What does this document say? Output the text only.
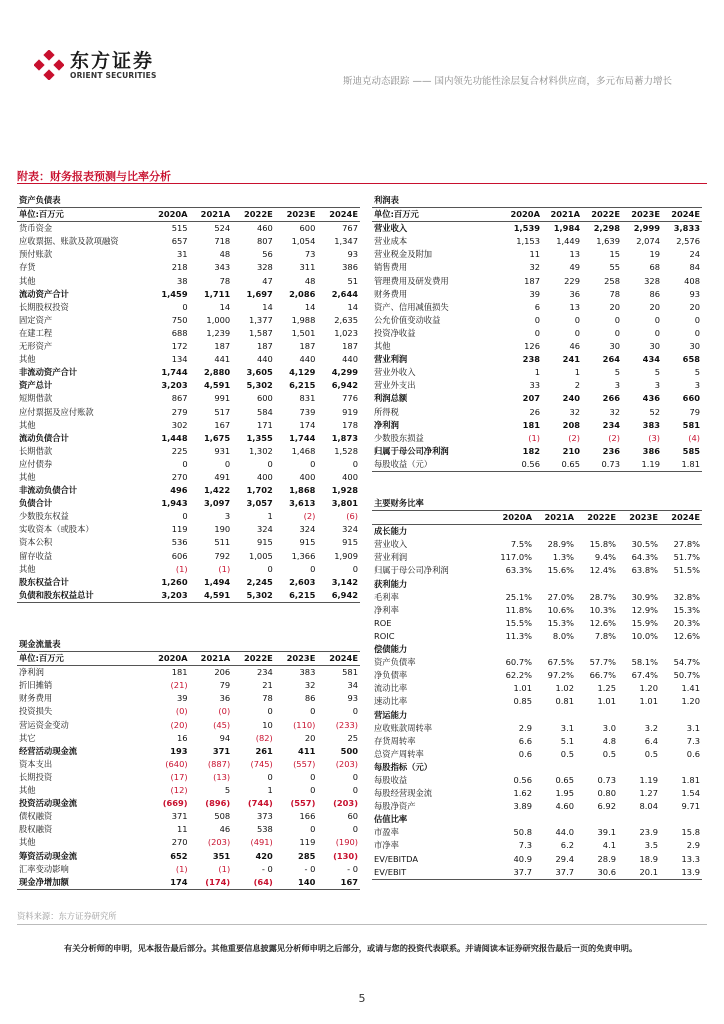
东方证券
ORIENT SECURITIES
斯迪克动态跟踪 —— 国内领先功能性涂层复合材料供应商，多元布局蓄力增长
附表：财务报表预测与比率分析
资产负债表					
单位:百万元	2020A	2021A	2022E	2023E	2024E
货币资金	515	524	460	600	767
应收票据、账款及款项融资	657	718	807	1,054	1,347
预付账款	31	48	56	73	93
存货	218	343	328	311	386
其他	38	78	47	48	51
流动资产合计	1,459	1,711	1,697	2,086	2,644
长期股权投资	0	14	14	14	14
固定资产	750	1,000	1,377	1,988	2,635
在建工程	688	1,239	1,587	1,501	1,023
无形资产	172	187	187	187	187
其他	134	441	440	440	440
非流动资产合计	1,744	2,880	3,605	4,129	4,299
资产总计	3,203	4,591	5,302	6,215	6,942
短期借款	867	991	600	831	776
应付票据及应付账款	279	517	584	739	919
其他	302	167	171	174	178
流动负债合计	1,448	1,675	1,355	1,744	1,873
长期借款	225	931	1,302	1,468	1,528
应付债券	0	0	0	0	0
其他	270	491	400	400	400
非流动负债合计	496	1,422	1,702	1,868	1,928
负债合计	1,943	3,097	3,057	3,613	3,801
少数股东权益	0	3	1	(2)	(6)
实收资本（或股本）	119	190	324	324	324
资本公积	536	511	915	915	915
留存收益	606	792	1,005	1,366	1,909
其他	(1)	(1)	0	0	0
股东权益合计	1,260	1,494	2,245	2,603	3,142
负债和股东权益总计	3,203	4,591	5,302	6,215	6,942
现金流量表					
单位:百万元	2020A	2021A	2022E	2023E	2024E
净利润	181	206	234	383	581
折旧摊销	(21)	79	21	32	34
财务费用	39	36	78	86	93
投资损失	(0)	(0)	0	0	0
营运资金变动	(20)	(45)	10	(110)	(233)
其它	16	94	(82)	20	25
经营活动现金流	193	371	261	411	500
资本支出	(640)	(887)	(745)	(557)	(203)
长期投资	(17)	(13)	0	0	0
其他	(12)	5	1	0	0
投资活动现金流	(669)	(896)	(744)	(557)	(203)
债权融资	371	508	373	166	60
股权融资	11	46	538	0	0
其他	270	(203)	(491)	119	(190)
筹资活动现金流	652	351	420	285	(130)
汇率变动影响	(1)	(1)	- 0	- 0	- 0
现金净增加额	174	(174)	(64)	140	167
利润表					
单位:百万元	2020A	2021A	2022E	2023E	2024E
营业收入	1,539	1,984	2,298	2,999	3,833
营业成本	1,153	1,449	1,639	2,074	2,576
营业税金及附加	11	13	15	19	24
销售费用	32	49	55	68	84
管理费用及研发费用	187	229	258	328	408
财务费用	39	36	78	86	93
资产、信用减值损失	6	13	20	20	20
公允价值变动收益	0	0	0	0	0
投资净收益	0	0	0	0	0
其他	126	46	30	30	30
营业利润	238	241	264	434	658
营业外收入	1	1	5	5	5
营业外支出	33	2	3	3	3
利润总额	207	240	266	436	660
所得税	26	32	32	52	79
净利润	181	208	234	383	581
少数股东损益	(1)	(2)	(2)	(3)	(4)
归属于母公司净利润	182	210	236	386	585
每股收益（元）	0.56	0.65	0.73	1.19	1.81
主要财务比率					
	2020A	2021A	2022E	2023E	2024E
成长能力					
营业收入	7.5%	28.9%	15.8%	30.5%	27.8%
营业利润	117.0%	1.3%	9.4%	64.3%	51.7%
归属于母公司净利润	63.3%	15.6%	12.4%	63.8%	51.5%
获利能力					
毛利率	25.1%	27.0%	28.7%	30.9%	32.8%
净利率	11.8%	10.6%	10.3%	12.9%	15.3%
ROE	15.5%	15.3%	12.6%	15.9%	20.3%
ROIC	11.3%	8.0%	7.8%	10.0%	12.6%
偿债能力					
资产负债率	60.7%	67.5%	57.7%	58.1%	54.7%
净负债率	62.2%	97.2%	66.7%	67.4%	50.7%
流动比率	1.01	1.02	1.25	1.20	1.41
速动比率	0.85	0.81	1.01	1.01	1.20
营运能力					
应收账款周转率	2.9	3.1	3.0	3.2	3.1
存货周转率	6.6	5.1	4.8	6.4	7.3
总资产周转率	0.6	0.5	0.5	0.5	0.6
每股指标（元）					
每股收益	0.56	0.65	0.73	1.19	1.81
每股经营现金流	1.62	1.95	0.80	1.27	1.54
每股净资产	3.89	4.60	6.92	8.04	9.71
估值比率					
市盈率	50.8	44.0	39.1	23.9	15.8
市净率	7.3	6.2	4.1	3.5	2.9
EV/EBITDA	40.9	29.4	28.9	18.9	13.3
EV/EBIT	37.7	37.7	30.6	20.1	13.9
资料来源：东方证券研究所
有关分析师的申明，见本报告最后部分。其他重要信息披露见分析师申明之后部分，或请与您的投资代表联系。并请阅读本证券研究报告最后一页的免责申明。
5
